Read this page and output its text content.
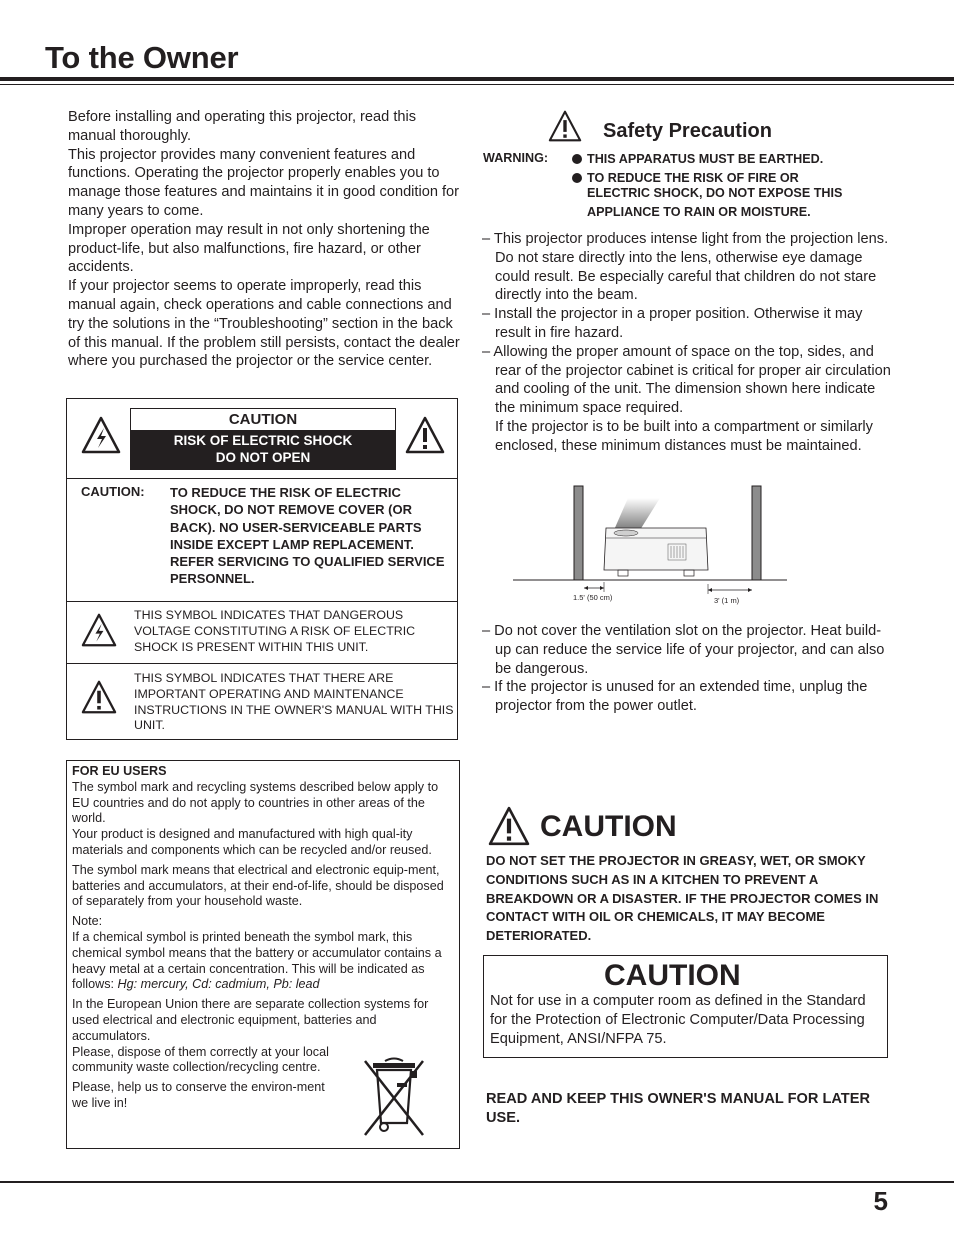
To the Owner

Before installing and operating this projector, read this manual thoroughly.

This projector provides many convenient features and functions. Operating the projector properly enables you to manage those features and maintains it in good condition for many years to come.

Improper operation may result in not only shortening the product-life, but also malfunctions, fire hazard, or other accidents.

If your projector seems to operate improperly, read this manual again, check operations and cable connections and try the solutions in the “Troubleshooting” section in the back of this manual. If the problem still persists, contact the dealer where you purchased the projector or the service center.

CAUTION
RISK OF ELECTRIC SHOCK
DO NOT OPEN
CAUTION: TO REDUCE THE RISK OF ELECTRIC SHOCK, DO NOT REMOVE COVER (OR BACK). NO USER-SERVICEABLE PARTS INSIDE EXCEPT LAMP REPLACEMENT. REFER SERVICING TO QUALIFIED SERVICE PERSONNEL.
THIS SYMBOL INDICATES THAT DANGEROUS VOLTAGE CONSTITUTING A RISK OF ELECTRIC SHOCK IS PRESENT WITHIN THIS UNIT.
THIS SYMBOL INDICATES THAT THERE ARE IMPORTANT OPERATING AND MAINTENANCE INSTRUCTIONS IN THE OWNER'S MANUAL WITH THIS UNIT.

FOR EU USERS

The symbol mark and recycling systems described below apply to EU countries and do not apply to countries in other areas of the world.

Your product is designed and manufactured with high qual-ity materials and components which can be recycled and/or reused.

The symbol mark means that electrical and electronic equip-ment, batteries and accumulators, at their end-of-life, should be disposed of separately from your household waste.

Note:

If a chemical symbol is printed beneath the symbol mark, this chemical symbol means that the battery or accumulator contains a heavy metal at a certain concentration. This will be indicated as follows: Hg: mercury, Cd: cadmium, Pb: lead

In the European Union there are separate collection systems for used electrical and electronic equipment, batteries and accumulators.

Please, dispose of them correctly at your local community waste collection/recycling centre.

Please, help us to conserve the environ-ment we live in!

Safety Precaution
WARNING:	THIS APPARATUS MUST BE EARTHED.
TO REDUCE THE RISK OF FIRE OR
ELECTRIC SHOCK, DO NOT EXPOSE THIS
APPLIANCE TO RAIN OR MOISTURE.

– This projector produces intense light from the projection lens. Do not stare directly into the lens, otherwise eye damage could result. Be especially careful that children do not stare directly into the beam.

– Install the projector in a proper position. Otherwise it may result in fire hazard.

– Allowing the proper amount of space on the top, sides, and rear of the projector cabinet is critical for proper air circulation and cooling of the unit. The dimension shown here indicate the minimum space required.

If the projector is to be built into a compartment or similarly enclosed, these minimum distances must be maintained.

1.5' (50 cm)	3' (1 m)

– Do not cover the ventilation slot on the projector. Heat build-up can reduce the service life of your projector, and can also be dangerous.

– If the projector is unused for an extended time, unplug the projector from the power outlet.

CAUTION
DO NOT SET THE PROJECTOR IN GREASY, WET, OR SMOKY CONDITIONS SUCH AS IN A KITCHEN TO PREVENT A BREAKDOWN OR A DISASTER. IF THE PROJECTOR COMES IN CONTACT WITH OIL OR CHEMICALS, IT MAY BECOME DETERIORATED.
CAUTION
Not for use in a computer room as defined in the Standard for the Protection of Electronic Computer/Data Processing Equipment, ANSI/NFPA 75.
READ AND KEEP THIS OWNER'S MANUAL FOR LATER USE.
5
